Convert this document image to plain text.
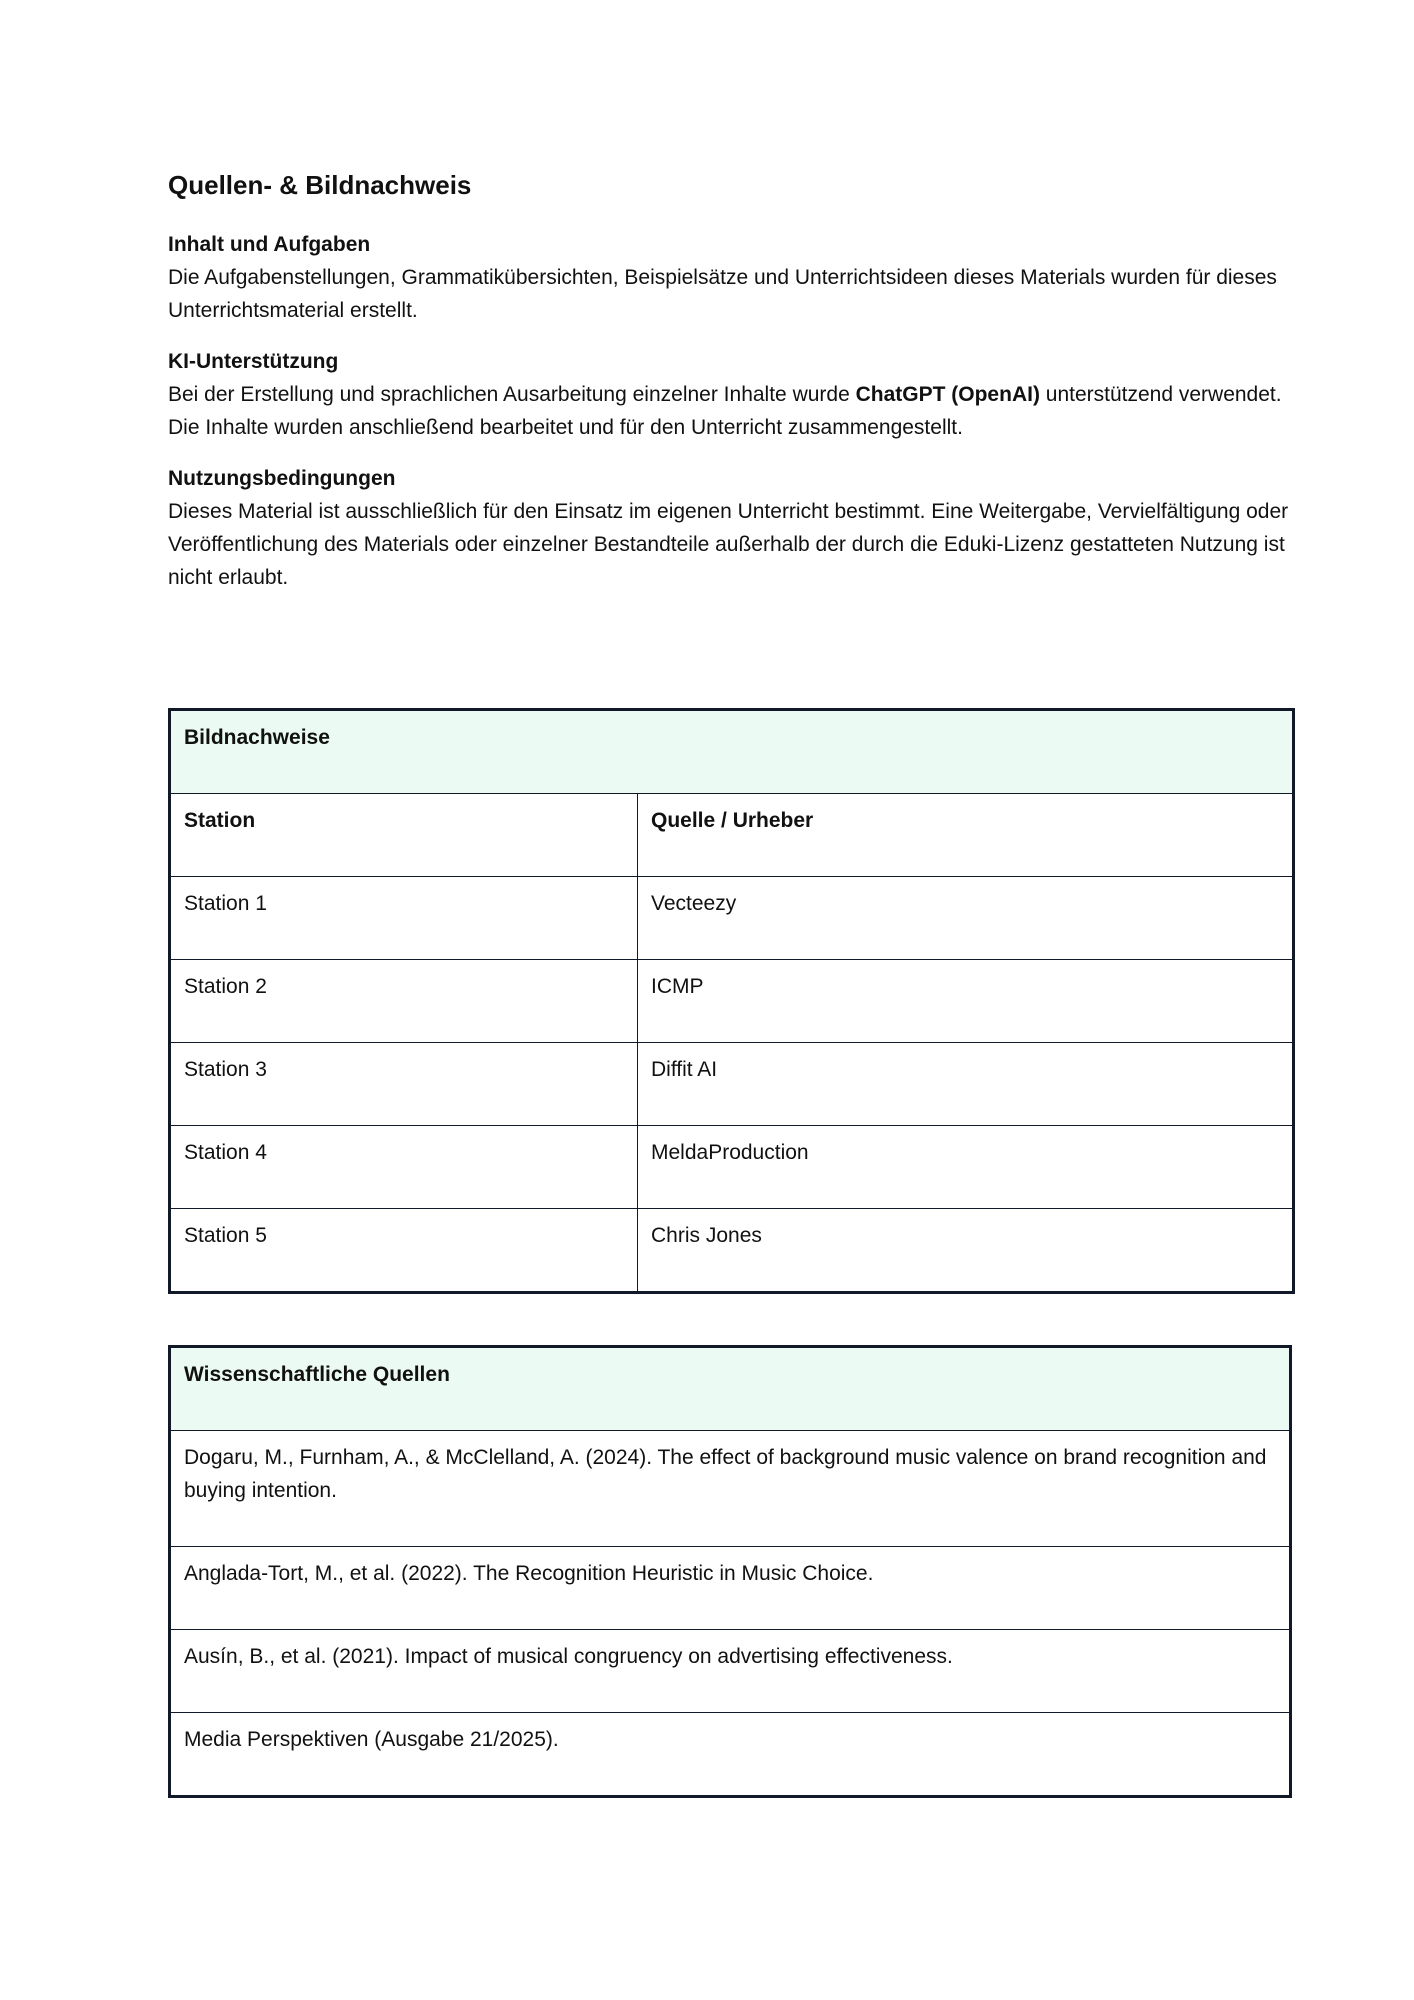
Quellen- & Bildnachweis

Inhalt und Aufgaben

Die Aufgabenstellungen, Grammatikübersichten, Beispielsätze und Unterrichtsideen dieses Materials wurden für dieses Unterrichtsmaterial erstellt.

KI-Unterstützung

Bei der Erstellung und sprachlichen Ausarbeitung einzelner Inhalte wurde ChatGPT (OpenAI) unterstützend verwendet. Die Inhalte wurden anschließend bearbeitet und für den Unterricht zusammengestellt.

Nutzungsbedingungen

Dieses Material ist ausschließlich für den Einsatz im eigenen Unterricht bestimmt. Eine Weitergabe, Vervielfältigung oder Veröffentlichung des Materials oder einzelner Bestandteile außerhalb der durch die Eduki-Lizenz gestatteten Nutzung ist nicht erlaubt.

Bildnachweise	
Station	Quelle / Urheber
Station 1	Vecteezy
Station 2	ICMP
Station 3	Diffit AI
Station 4	MeldaProduction
Station 5	Chris Jones
Wissenschaftliche Quellen
Dogaru, M., Furnham, A., & McClelland, A. (2024). The effect of background music valence on brand recognition and buying intention.
Anglada-Tort, M., et al. (2022). The Recognition Heuristic in Music Choice.
Ausín, B., et al. (2021). Impact of musical congruency on advertising effectiveness.
Media Perspektiven (Ausgabe 21/2025).
